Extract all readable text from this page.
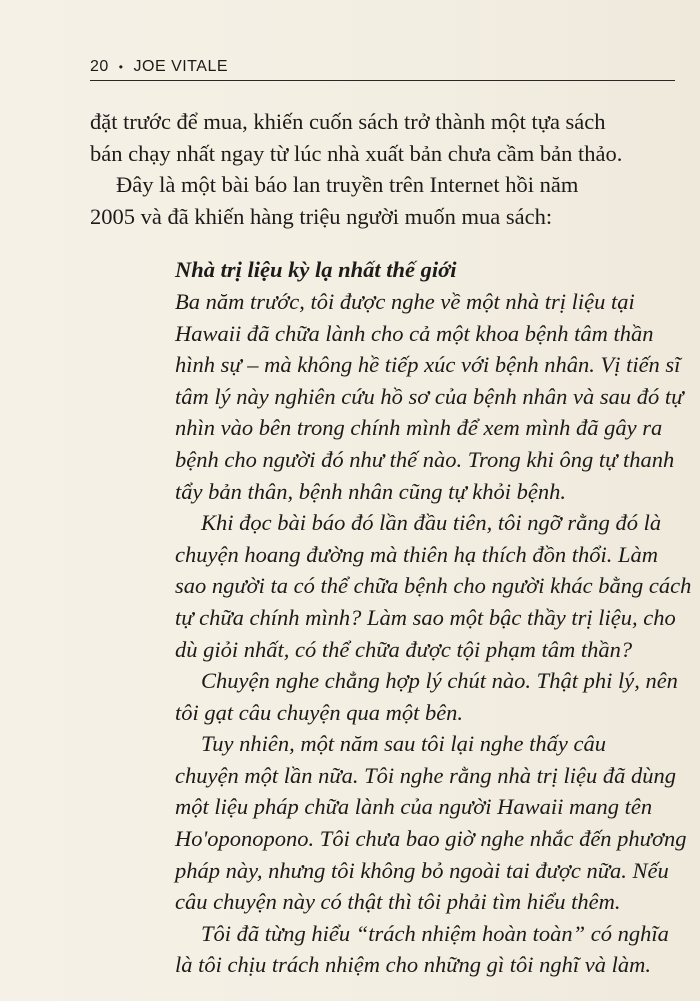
20 • JOE VITALE

đặt trước để mua, khiến cuốn sách trở thành một tựa sách

bán chạy nhất ngay từ lúc nhà xuất bản chưa cầm bản thảo.

Đây là một bài báo lan truyền trên Internet hồi năm

2005 và đã khiến hàng triệu người muốn mua sách:

Nhà trị liệu kỳ lạ nhất thế giới

Ba năm trước, tôi được nghe về một nhà trị liệu tại

Hawaii đã chữa lành cho cả một khoa bệnh tâm thần

hình sự – mà không hề tiếp xúc với bệnh nhân. Vị tiến sĩ

tâm lý này nghiên cứu hồ sơ của bệnh nhân và sau đó tự

nhìn vào bên trong chính mình để xem mình đã gây ra

bệnh cho người đó như thế nào. Trong khi ông tự thanh

tẩy bản thân, bệnh nhân cũng tự khỏi bệnh.

Khi đọc bài báo đó lần đầu tiên, tôi ngỡ rằng đó là

chuyện hoang đường mà thiên hạ thích đồn thổi. Làm

sao người ta có thể chữa bệnh cho người khác bằng cách

tự chữa chính mình? Làm sao một bậc thầy trị liệu, cho

dù giỏi nhất, có thể chữa được tội phạm tâm thần?

Chuyện nghe chẳng hợp lý chút nào. Thật phi lý, nên

tôi gạt câu chuyện qua một bên.

Tuy nhiên, một năm sau tôi lại nghe thấy câu

chuyện một lần nữa. Tôi nghe rằng nhà trị liệu đã dùng

một liệu pháp chữa lành của người Hawaii mang tên

Ho'oponopono. Tôi chưa bao giờ nghe nhắc đến phương

pháp này, nhưng tôi không bỏ ngoài tai được nữa. Nếu

câu chuyện này có thật thì tôi phải tìm hiểu thêm.

Tôi đã từng hiểu “trách nhiệm hoàn toàn” có nghĩa

là tôi chịu trách nhiệm cho những gì tôi nghĩ và làm.
